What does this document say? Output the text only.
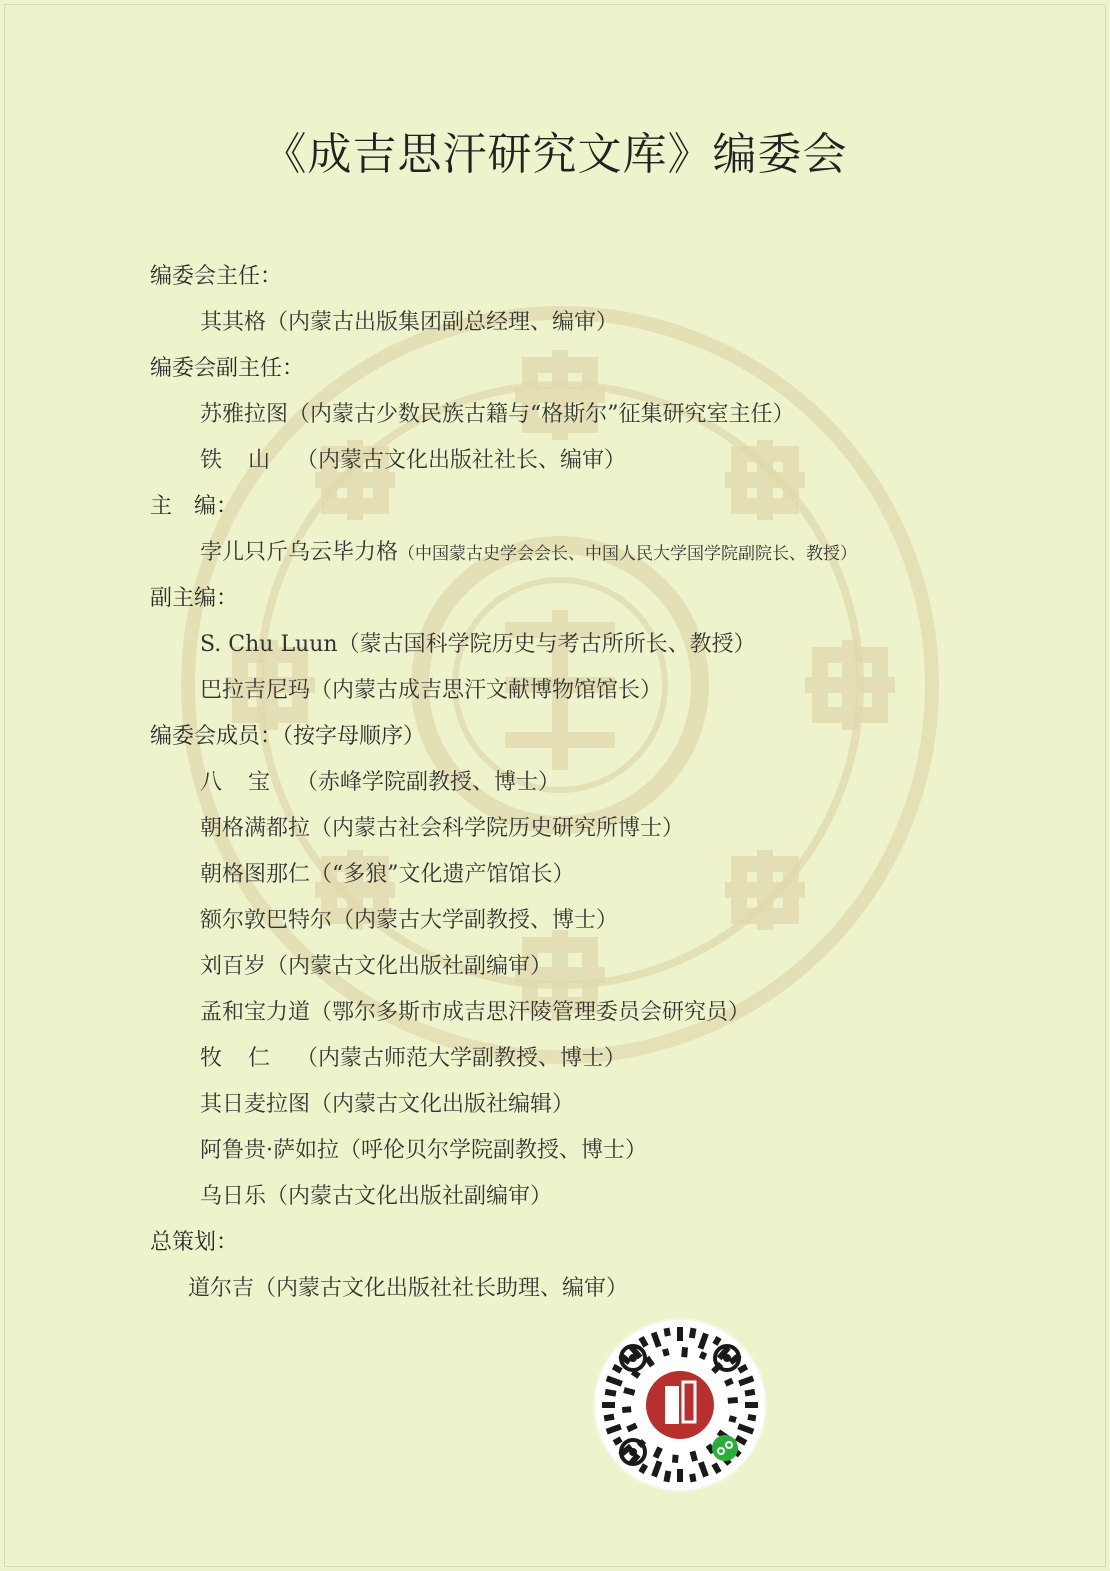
《成吉思汗研究文库》编委会
编委会主任：
其其格（内蒙古出版集团副总经理、编审）
编委会副主任：
苏雅拉图（内蒙古少数民族古籍与“格斯尔”征集研究室主任）
铁山（内蒙古文化出版社社长、编审）
主　编：
孛儿只斤乌云毕力格（中国蒙古史学会会长、中国人民大学国学院副院长、教授）
副主编：
S. Chu Luun（蒙古国科学院历史与考古所所长、教授）
巴拉吉尼玛（内蒙古成吉思汗文献博物馆馆长）
编委会成员：（按字母顺序）
八宝（赤峰学院副教授、博士）
朝格满都拉（内蒙古社会科学院历史研究所博士）
朝格图那仁（“多狼”文化遗产馆馆长）
额尔敦巴特尔（内蒙古大学副教授、博士）
刘百岁（内蒙古文化出版社副编审）
孟和宝力道（鄂尔多斯市成吉思汗陵管理委员会研究员）
牧仁（内蒙古师范大学副教授、博士）
其日麦拉图（内蒙古文化出版社编辑）
阿鲁贵·萨如拉（呼伦贝尔学院副教授、博士）
乌日乐（内蒙古文化出版社副编审）
总策划：
道尔吉（内蒙古文化出版社社长助理、编审）
